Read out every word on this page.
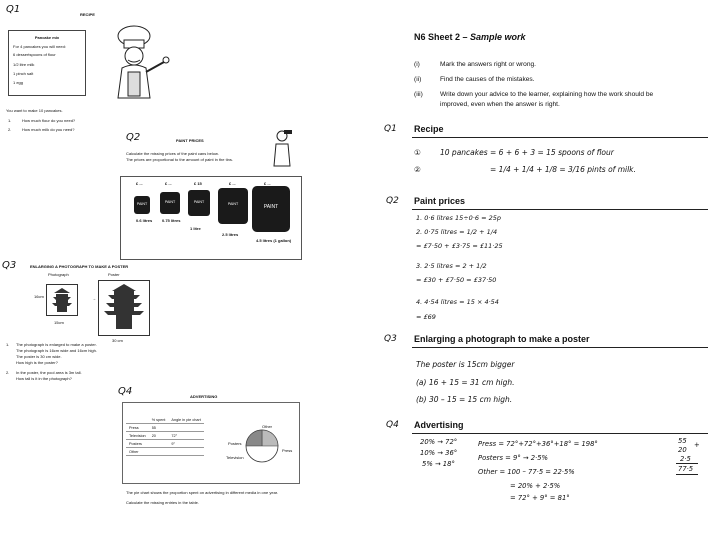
Q1	RECIPE
Pancake mix
For 4 pancakes you will need:
6 dessertspoons of flour
1/2 litre milk
1 pinch salt
1 egg
You want to make 10 pancakes.
1.	How much flour do you need?
2.	How much milk do you need?
Q2	PAINT PRICES
Calculate the missing prices of the paint cans below.
The prices are proportional to the amount of paint in the tins.
£ ...	£ ...	£ 15	£ ...	£ ...
PAINT	PAINT	PAINT	PAINT	PAINT
0.6 litres	0.75 litres
1 litre
2.5 litres
4.5 litres (1 gallon)
Q3	ENLARGING A PHOTOGRAPH TO MAKE A POSTER
Photograph	Poster
16cm
15cm
→
30 cm
1. The photograph is enlarged to make a poster.
The photograph is 16cm wide and 16cm high.
The poster is 30 cm wide.
How high is the poster?
2. In the poster, the pool area is 3m tall.
How tall is it in the photograph?
Q4	ADVERTISING
	% spent	Angle in pie chart
Press	55	
Television	20	72°
Posters		9°
Other		
Other
Posters
Television
Press
The pie chart shows the proportion spent on advertising in different media in one year.
Calculate the missing entries in the table.
N6 Sheet 2 – Sample work
(i)	Mark the answers right or wrong.
(ii)	Find the causes of the mistakes.
(iii)	Write down your advice to the learner, explaining how the work should be
improved, even when the answer is right.
Q1 Recipe
①	10 pancakes = 6 + 6 + 3 = 15 spoons of flour
②	= 1/4 + 1/4 + 1/8 = 3/16 pints of milk.
Q2 Paint prices
1. 0·6 litres 15÷0·6 = 25p
2. 0·75 litres = 1/2 + 1/4
= £7·50 + £3·75 = £11·25
3. 2·5 litres = 2 + 1/2
= £30 + £7·50 = £37·50
4. 4·54 litres = 15 × 4·54
= £69
Q3 Enlarging a photograph to make a poster
The poster is 15cm bigger
(a) 16 + 15 = 31 cm high.
(b) 30 – 15 = 15 cm high.
Q4 Advertising
20% → 72°
10% → 36°
5% → 18°
Press = 72°+72°+36°+18° = 198°
Posters = 9° → 2·5%
Other = 100 – 77·5 = 22·5%
= 20% + 2·5%
= 72° + 9° = 81°
55 +
20
2·5
77·5
